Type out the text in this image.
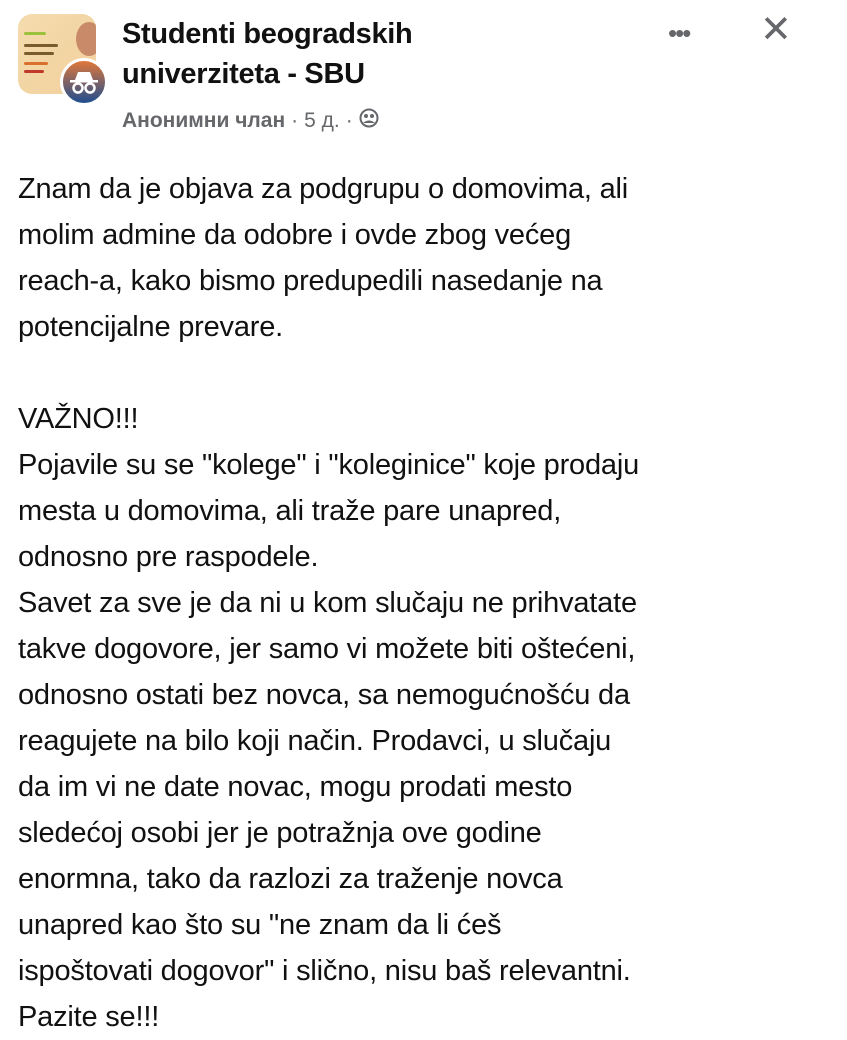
Studenti beogradskih
univerziteta - SBU
Анонимни члан · 5 д. ·
••• ✕
Znam da je objava za podgrupu o domovima, ali
molim admine da odobre i ovde zbog većeg
reach-a, kako bismo predupedili nasedanje na
potencijalne prevare.
VAŽNO!!!
Pojavile su se "kolege" i "koleginice" koje prodaju
mesta u domovima, ali traže pare unapred,
odnosno pre raspodele.
Savet za sve je da ni u kom slučaju ne prihvatate
takve dogovore, jer samo vi možete biti oštećeni,
odnosno ostati bez novca, sa nemogućnošću da
reagujete na bilo koji način. Prodavci, u slučaju
da im vi ne date novac, mogu prodati mesto
sledećoj osobi jer je potražnja ove godine
enormna, tako da razlozi za traženje novca
unapred kao što su "ne znam da li ćeš
ispoštovati dogovor" i slično, nisu baš relevantni.
Pazite se!!!
